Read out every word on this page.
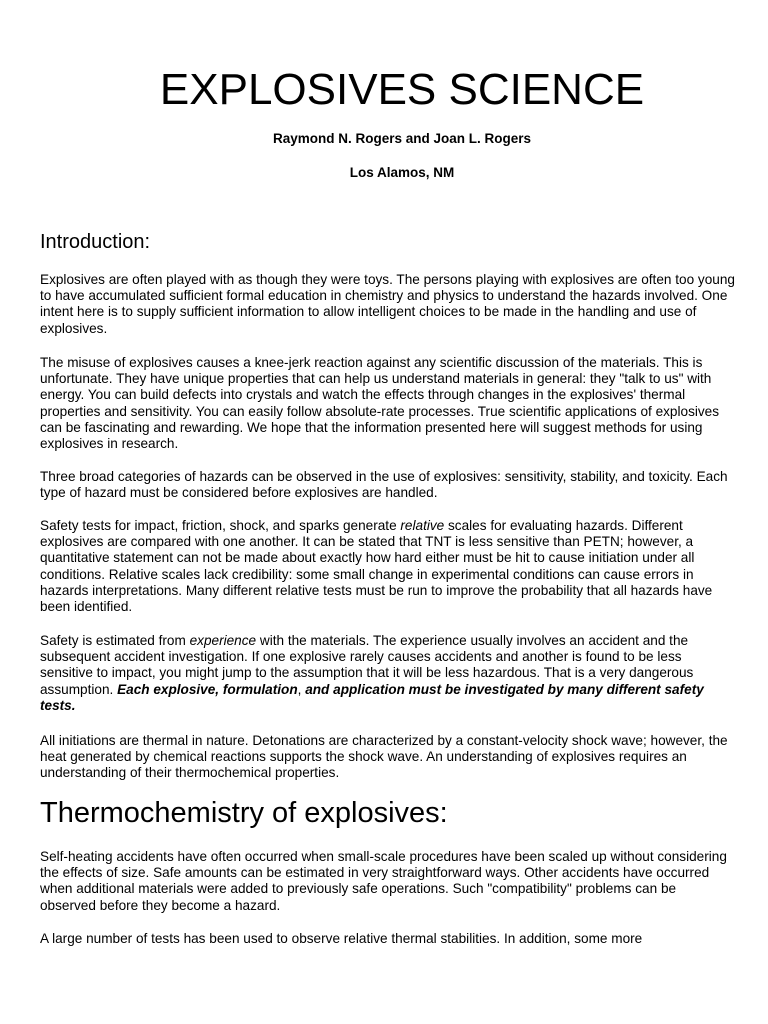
EXPLOSIVES SCIENCE
Raymond N. Rogers and Joan L. Rogers
Los Alamos, NM
Introduction:

Explosives are often played with as though they were toys. The persons playing with explosives are often too young to have accumulated sufficient formal education in chemistry and physics to understand the hazards involved. One intent here is to supply sufficient information to allow intelligent choices to be made in the handling and use of explosives.

The misuse of explosives causes a knee-jerk reaction against any scientific discussion of the materials. This is unfortunate. They have unique properties that can help us understand materials in general: they "talk to us" with energy. You can build defects into crystals and watch the effects through changes in the explosives' thermal properties and sensitivity. You can easily follow absolute-rate processes. True scientific applications of explosives can be fascinating and rewarding. We hope that the information presented here will suggest methods for using explosives in research.

Three broad categories of hazards can be observed in the use of explosives: sensitivity, stability, and toxicity. Each type of hazard must be considered before explosives are handled.

Safety tests for impact, friction, shock, and sparks generate relative scales for evaluating hazards. Different explosives are compared with one another. It can be stated that TNT is less sensitive than PETN; however, a quantitative statement can not be made about exactly how hard either must be hit to cause initiation under all conditions. Relative scales lack credibility: some small change in experimental conditions can cause errors in hazards interpretations. Many different relative tests must be run to improve the probability that all hazards have been identified.

Safety is estimated from experience with the materials. The experience usually involves an accident and the subsequent accident investigation. If one explosive rarely causes accidents and another is found to be less sensitive to impact, you might jump to the assumption that it will be less hazardous. That is a very dangerous assumption. Each explosive, formulation, and application must be investigated by many different safety tests.

All initiations are thermal in nature. Detonations are characterized by a constant-velocity shock wave; however, the heat generated by chemical reactions supports the shock wave. An understanding of explosives requires an understanding of their thermochemical properties.

Thermochemistry of explosives:

Self-heating accidents have often occurred when small-scale procedures have been scaled up without considering the effects of size. Safe amounts can be estimated in very straightforward ways. Other accidents have occurred when additional materials were added to previously safe operations. Such "compatibility" problems can be observed before they become a hazard.

A large number of tests has been used to observe relative thermal stabilities. In addition, some more
